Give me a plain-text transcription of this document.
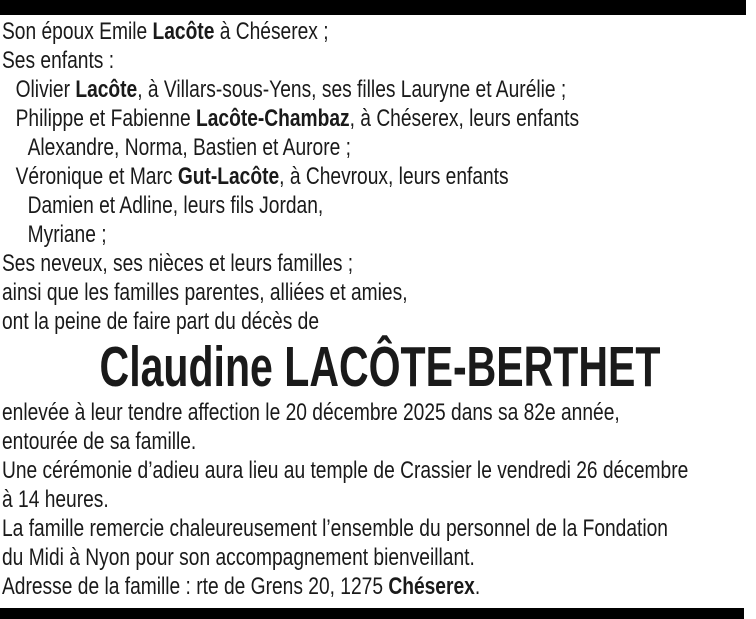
Son époux Emile Lacôte à Chéserex ;
Ses enfants :
Olivier Lacôte, à Villars-sous-Yens, ses filles Lauryne et Aurélie ;
Philippe et Fabienne Lacôte-Chambaz, à Chéserex, leurs enfants
Alexandre, Norma, Bastien et Aurore ;
Véronique et Marc Gut-Lacôte, à Chevroux, leurs enfants
Damien et Adline, leurs fils Jordan,
Myriane ;
Ses neveux, ses nièces et leurs familles ;
ainsi que les familles parentes, alliées et amies,
ont la peine de faire part du décès de
Claudine LACÔTE-BERTHET
enlevée à leur tendre affection le 20 décembre 2025 dans sa 82e année,
entourée de sa famille.
Une cérémonie d’adieu aura lieu au temple de Crassier le vendredi 26 décembre
à 14 heures.
La famille remercie chaleureusement l’ensemble du personnel de la Fondation
du Midi à Nyon pour son accompagnement bienveillant.
Adresse de la famille : rte de Grens 20, 1275 Chéserex.
